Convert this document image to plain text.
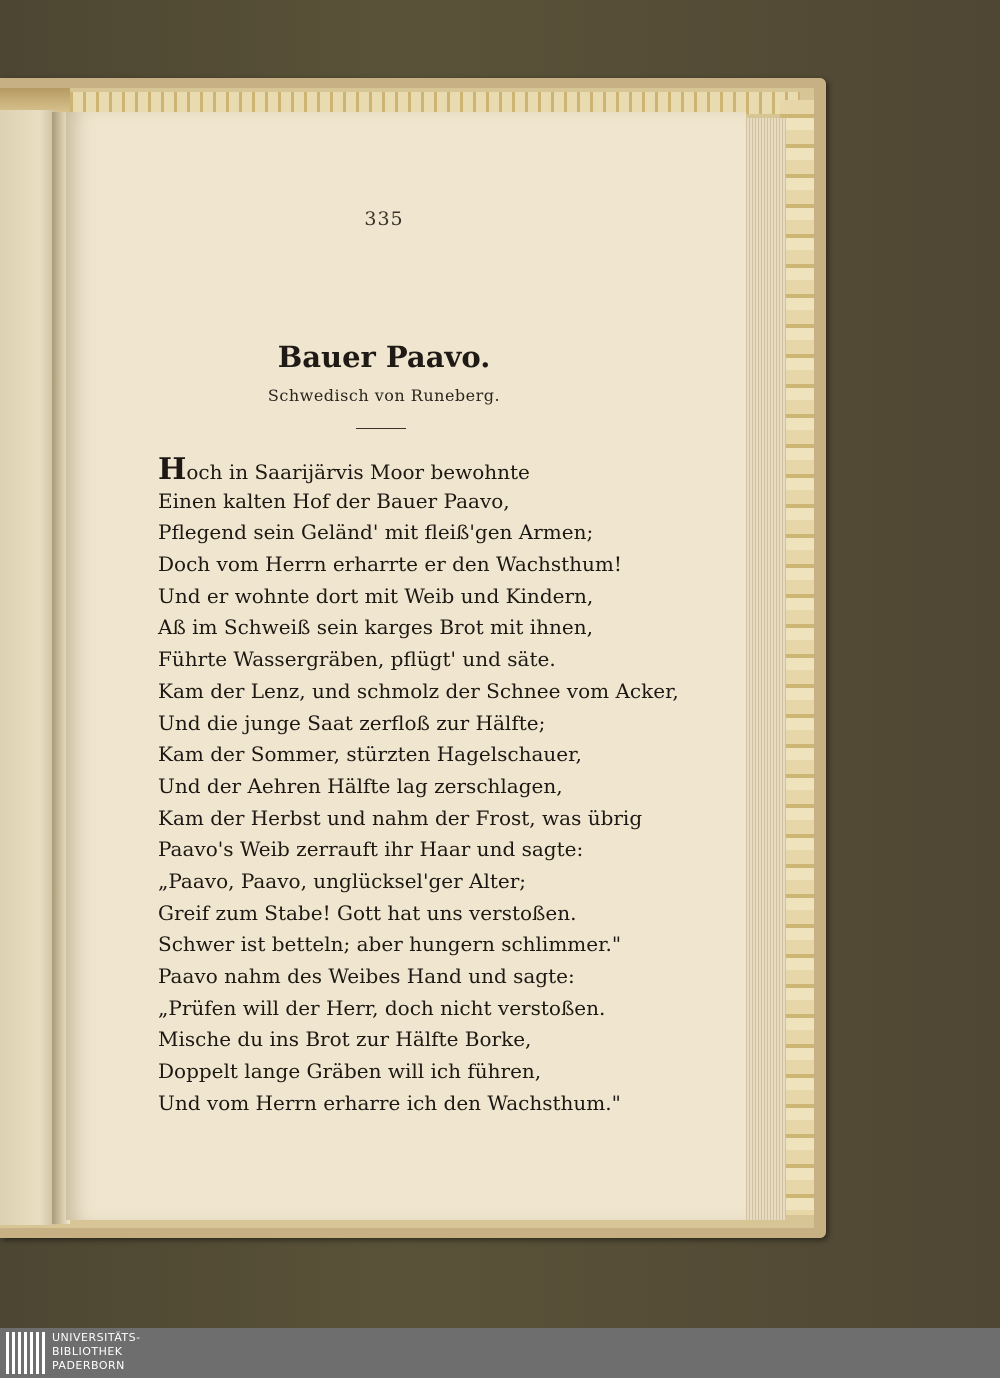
335
Bauer Paavo.
Schwedisch von Runeberg.
Hoch in Saarijärvis Moor bewohnte
Einen kalten Hof der Bauer Paavo,
Pflegend sein Geländ' mit fleiß'gen Armen;
Doch vom Herrn erharrte er den Wachsthum!
Und er wohnte dort mit Weib und Kindern,
Aß im Schweiß sein karges Brot mit ihnen,
Führte Wassergräben, pflügt' und säte.
Kam der Lenz, und schmolz der Schnee vom Acker,
Und die junge Saat zerfloß zur Hälfte;
Kam der Sommer, stürzten Hagelschauer,
Und der Aehren Hälfte lag zerschlagen,
Kam der Herbst und nahm der Frost, was übrig
Paavo's Weib zerrauft ihr Haar und sagte:
„Paavo, Paavo, unglücksel'ger Alter;
Greif zum Stabe! Gott hat uns verstoßen.
Schwer ist betteln; aber hungern schlimmer."
Paavo nahm des Weibes Hand und sagte:
„Prüfen will der Herr, doch nicht verstoßen.
Mische du ins Brot zur Hälfte Borke,
Doppelt lange Gräben will ich führen,
Und vom Herrn erharre ich den Wachsthum."
UNIVERSITÄTS-
BIBLIOTHEK
PADERBORN
